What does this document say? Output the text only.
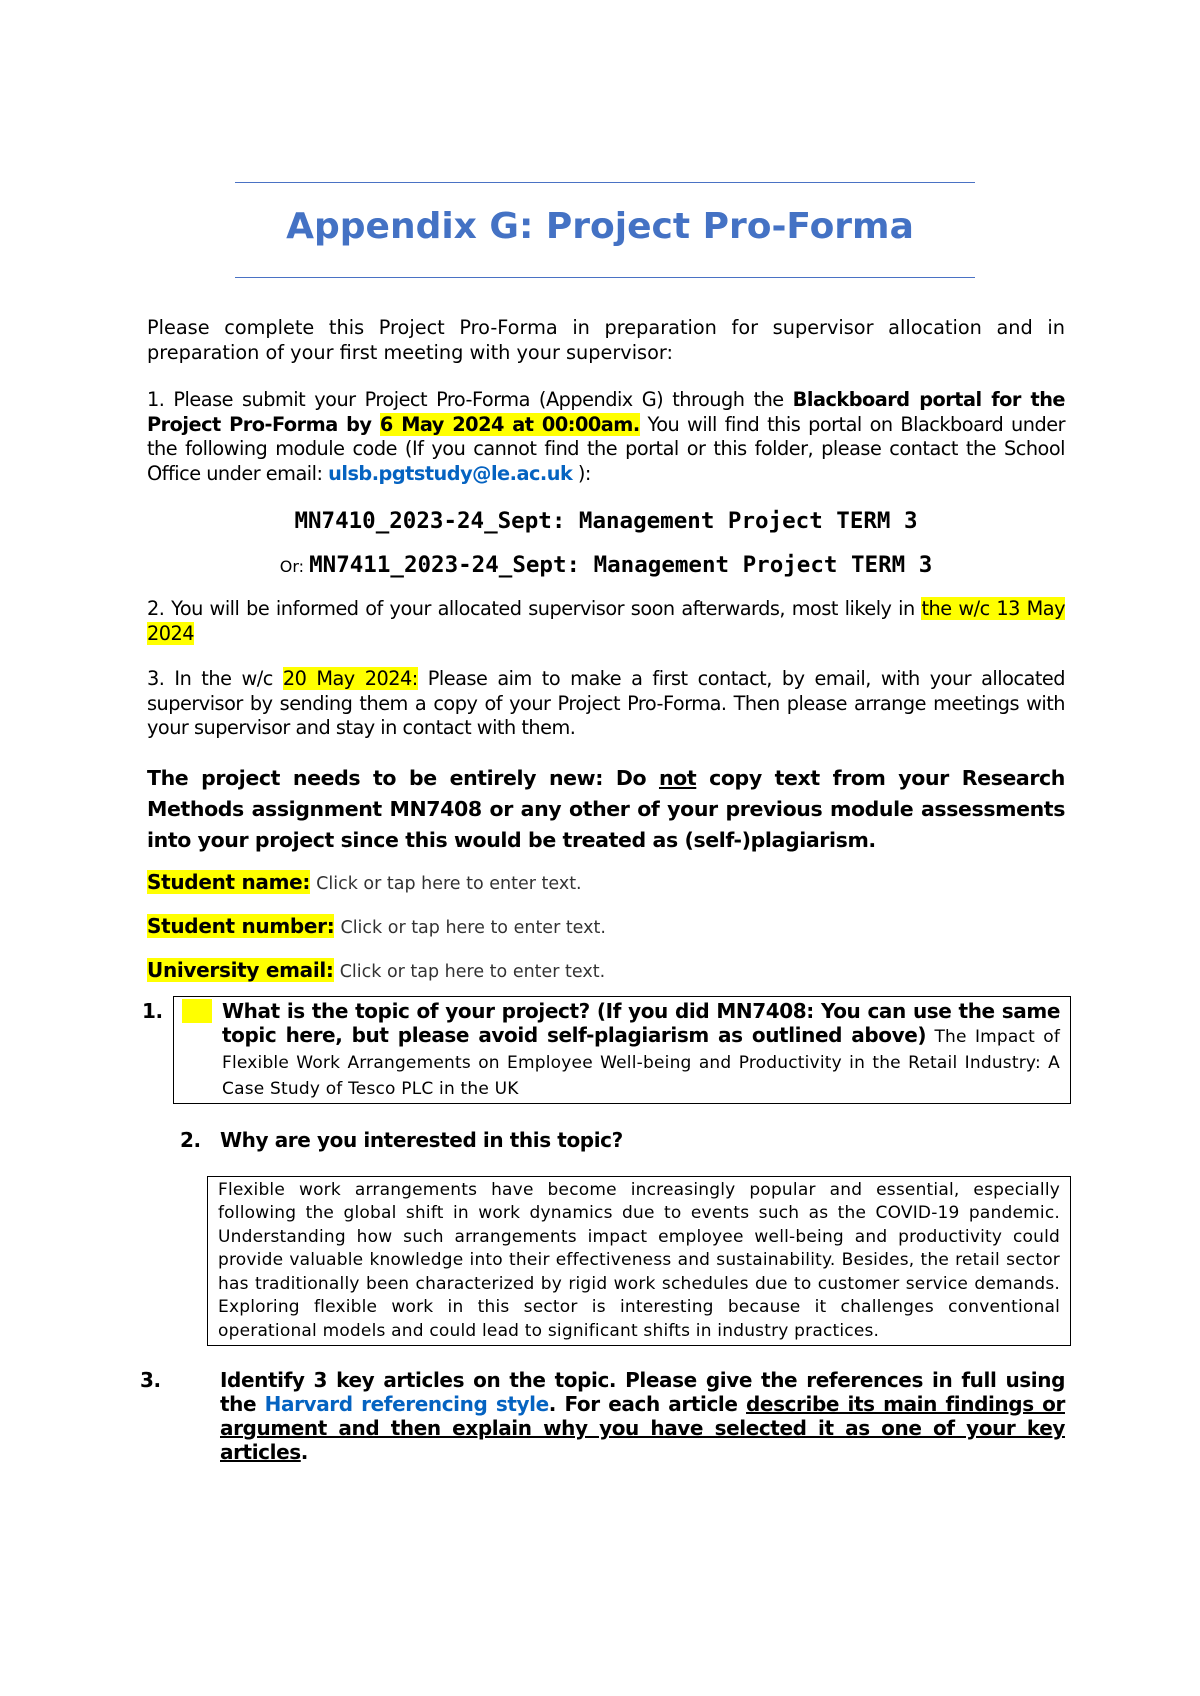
Appendix G: Project Pro-Forma

Please complete this Project Pro-Forma in preparation for supervisor allocation and in preparation of your first meeting with your supervisor:

1. Please submit your Project Pro-Forma (Appendix G) through the Blackboard portal for the Project Pro-Forma by 6 May 2024 at 00:00am. You will find this portal on Blackboard under the following module code (If you cannot find the portal or this folder, please contact the School Office under email: ulsb.pgtstudy@le.ac.uk ):

MN7410_2023-24_Sept: Management Project TERM 3

Or: MN7411_2023-24_Sept: Management Project TERM 3

2. You will be informed of your allocated supervisor soon afterwards, most likely in the w/c 13 May 2024

3. In the w/c 20 May 2024: Please aim to make a first contact, by email, with your allocated supervisor by sending them a copy of your Project Pro-Forma. Then please arrange meetings with your supervisor and stay in contact with them.

The project needs to be entirely new: Do not copy text from your Research Methods assignment MN7408 or any other of your previous module assessments into your project since this would be treated as (self-)plagiarism.

Student name: Click or tap here to enter text.

Student number: Click or tap here to enter text.

University email: Click or tap here to enter text.

1.	What is the topic of your project? (If you did MN7408: You can use the same topic here, but please avoid self-plagiarism as outlined above) The Impact of Flexible Work Arrangements on Employee Well-being and Productivity in the Retail Industry: A Case Study of Tesco PLC in the UK

2. Why are you interested in this topic?

Flexible work arrangements have become increasingly popular and essential, especially following the global shift in work dynamics due to events such as the COVID-19 pandemic. Understanding how such arrangements impact employee well-being and productivity could provide valuable knowledge into their effectiveness and sustainability. Besides, the retail sector has traditionally been characterized by rigid work schedules due to customer service demands. Exploring flexible work in this sector is interesting because it challenges conventional operational models and could lead to significant shifts in industry practices.

3.	Identify 3 key articles on the topic. Please give the references in full using the Harvard referencing style. For each article describe its main findings or argument and then explain why you have selected it as one of your key articles.
